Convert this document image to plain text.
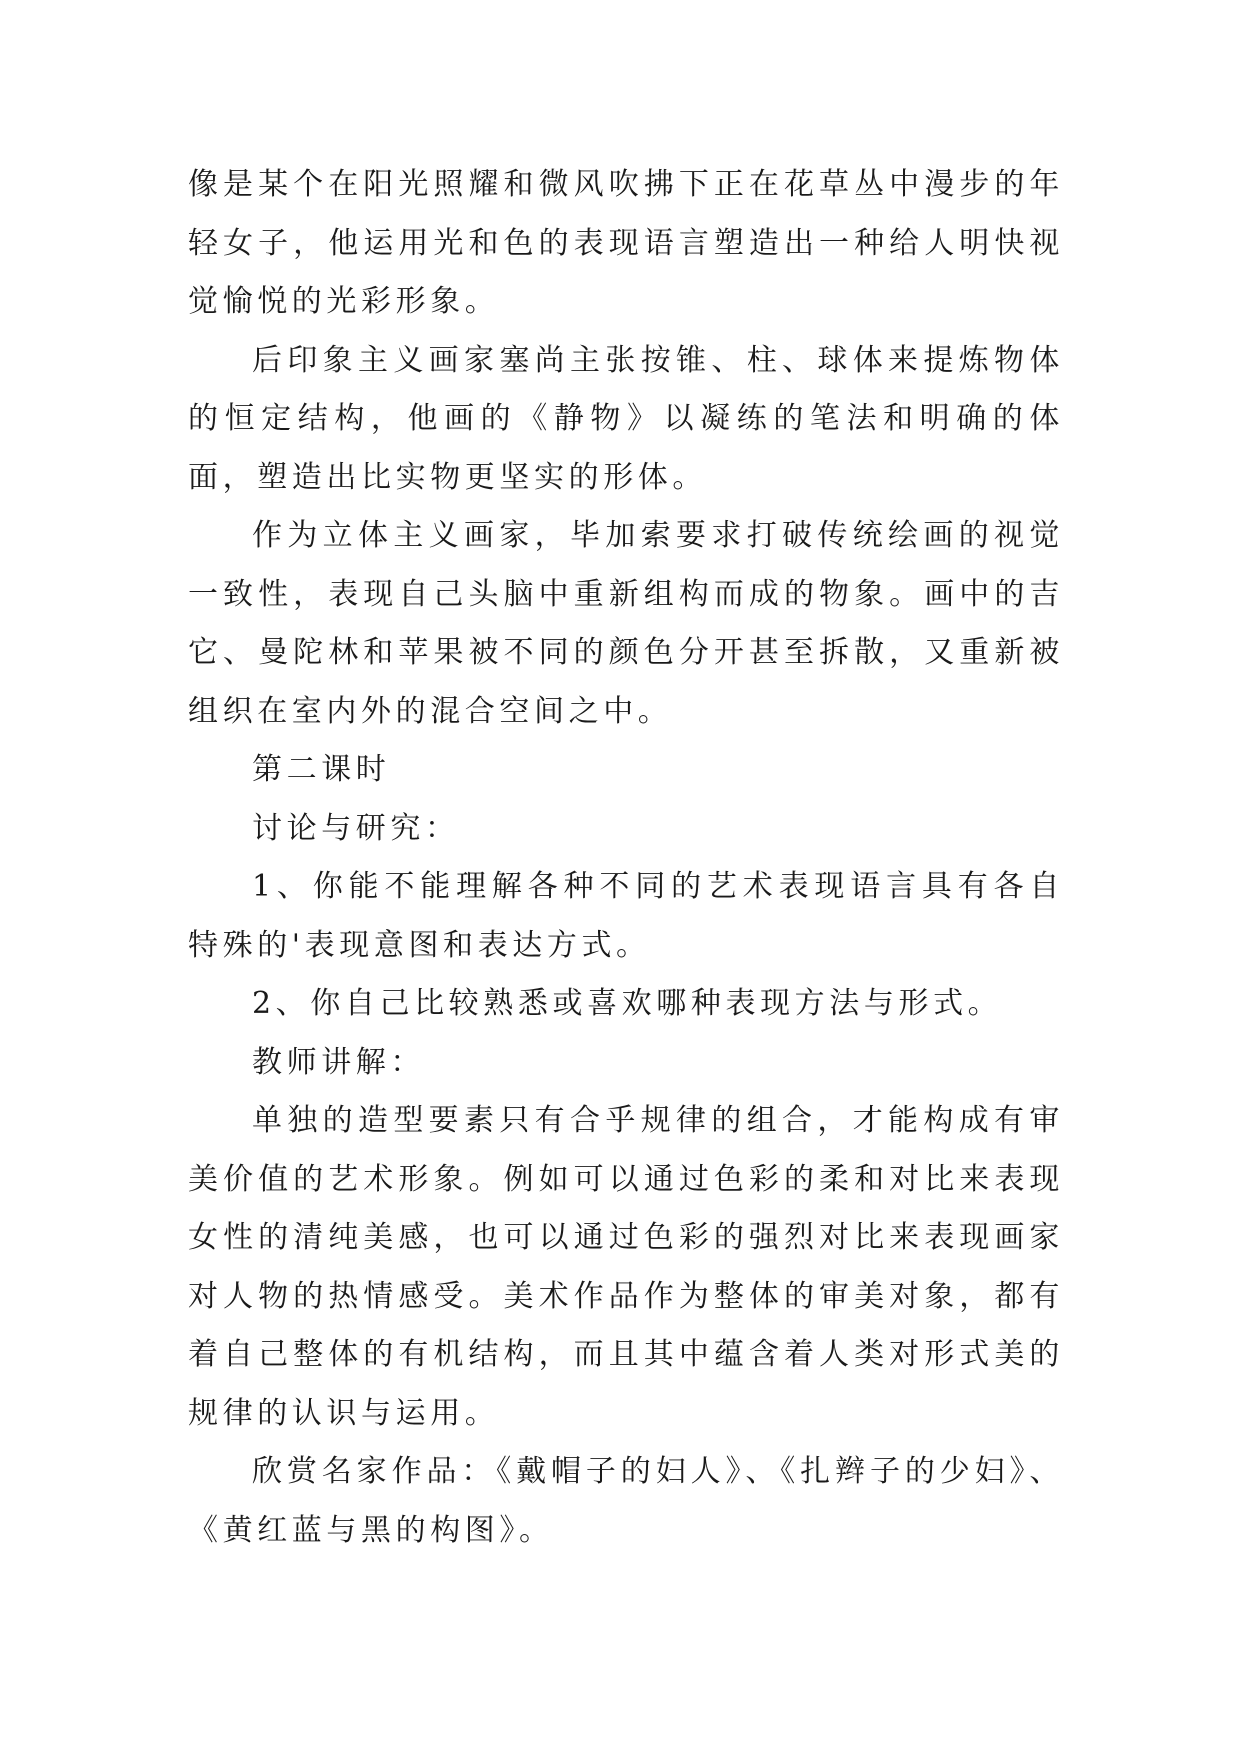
像是某个在阳光照耀和微风吹拂下正在花草丛中漫步的年轻女子，他运用光和色的表现语言塑造出一种给人明快视觉愉悦的光彩形象。

后印象主义画家塞尚主张按锥、柱、球体来提炼物体的恒定结构，他画的《静物》以凝练的笔法和明确的体面，塑造出比实物更坚实的形体。

作为立体主义画家，毕加索要求打破传统绘画的视觉一致性，表现自己头脑中重新组构而成的物象。画中的吉它、曼陀林和苹果被不同的颜色分开甚至拆散，又重新被组织在室内外的混合空间之中。

第二课时

讨论与研究：

1、你能不能理解各种不同的艺术表现语言具有各自特殊的'表现意图和表达方式。

2、你自己比较熟悉或喜欢哪种表现方法与形式。

教师讲解：

单独的造型要素只有合乎规律的组合，才能构成有审美价值的艺术形象。例如可以通过色彩的柔和对比来表现女性的清纯美感，也可以通过色彩的强烈对比来表现画家对人物的热情感受。美术作品作为整体的审美对象，都有着自己整体的有机结构，而且其中蕴含着人类对形式美的规律的认识与运用。

欣赏名家作品：《戴帽子的妇人》、《扎辫子的少妇》、《黄红蓝与黑的构图》。
